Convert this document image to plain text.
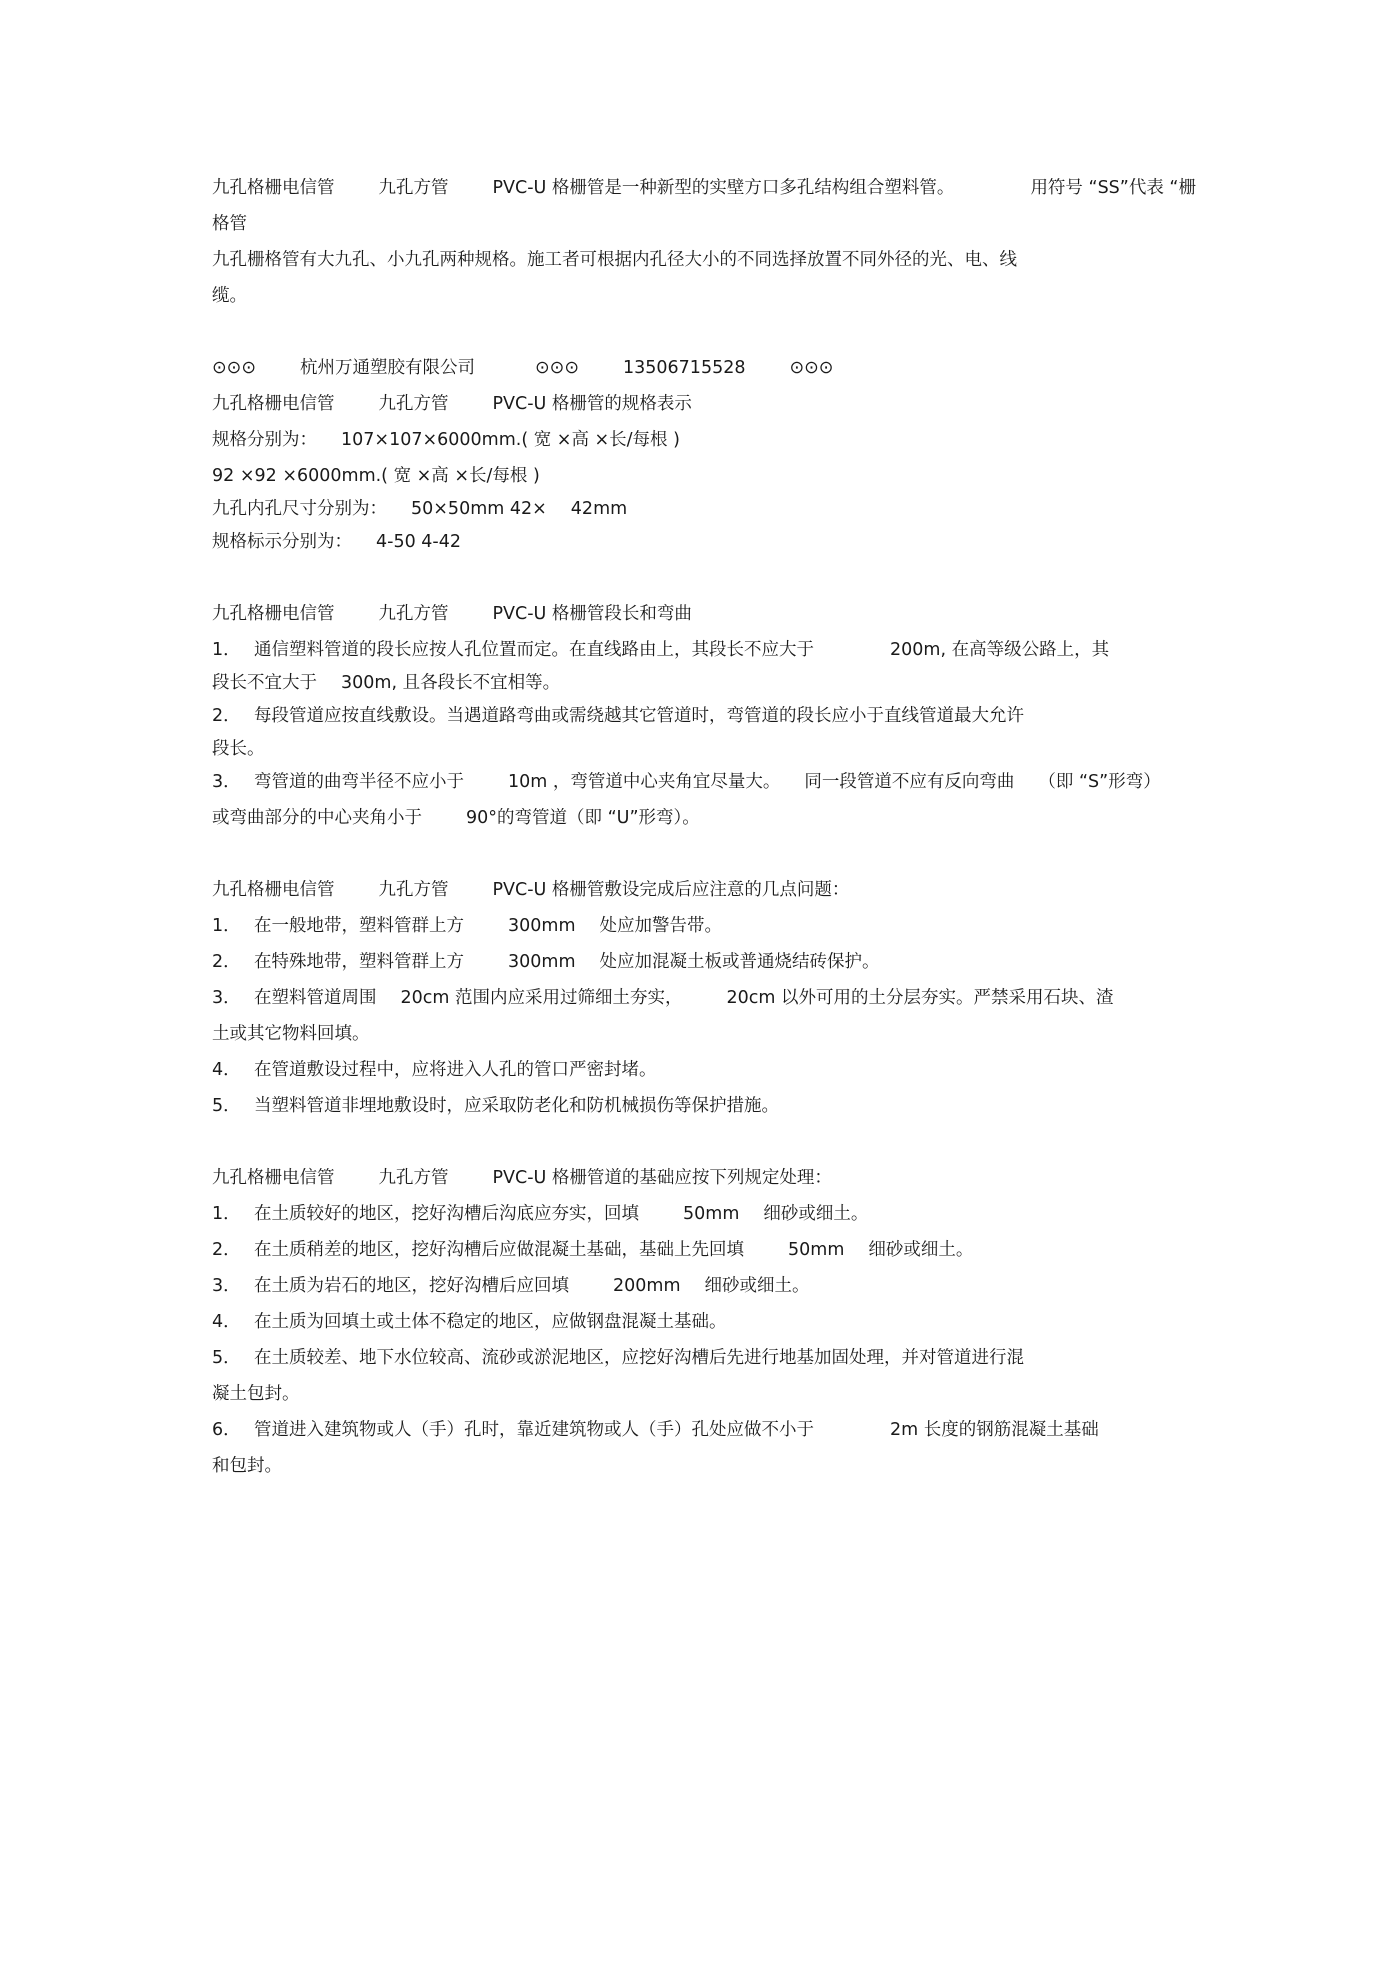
九孔格栅电信管	九孔方管	PVC-U 格栅管是一种新型的实壁方口多孔结构组合塑料管。	用符号 “SS”代表 “栅
格管
九孔栅格管有大九孔、小九孔两种规格。施工者可根据内孔径大小的不同选择放置不同外径的光、电、线
缆。
⊙⊙⊙	杭州万通塑胶有限公司	⊙⊙⊙	13506715528	⊙⊙⊙
九孔格栅电信管	九孔方管	PVC-U 格栅管的规格表示
规格分别为： 107×107×6000mm.( 宽 ×高 ×长/每根 )
92 ×92 ×6000mm.( 宽 ×高 ×长/每根 )
九孔内孔尺寸分别为： 50×50mm 42× 42mm
规格标示分别为： 4-50 4-42
九孔格栅电信管	九孔方管	PVC-U 格栅管段长和弯曲
1． 通信塑料管道的段长应按人孔位置而定。在直线路由上，其段长不应大于	200m, 在高等级公路上，其
段长不宜大于 300m, 且各段长不宜相等。
2． 每段管道应按直线敷设。当遇道路弯曲或需绕越其它管道时，弯管道的段长应小于直线管道最大允许
段长。
3． 弯管道的曲弯半径不应小于	10m ，弯管道中心夹角宜尽量大。 同一段管道不应有反向弯曲 （即 “S”形弯）
或弯曲部分的中心夹角小于	90°的弯管道（即 “U”形弯）。
九孔格栅电信管	九孔方管	PVC-U 格栅管敷设完成后应注意的几点问题：
1． 在一般地带，塑料管群上方	300mm 处应加警告带。
2． 在特殊地带，塑料管群上方	300mm 处应加混凝土板或普通烧结砖保护。
3． 在塑料管道周围 20cm 范围内应采用过筛细土夯实，	20cm 以外可用的土分层夯实。严禁采用石块、渣
土或其它物料回填。
4． 在管道敷设过程中，应将进入人孔的管口严密封堵。
5． 当塑料管道非埋地敷设时，应采取防老化和防机械损伤等保护措施。
九孔格栅电信管	九孔方管	PVC-U 格栅管道的基础应按下列规定处理：
1． 在土质较好的地区，挖好沟槽后沟底应夯实，回填	50mm 细砂或细土。
2． 在土质稍差的地区，挖好沟槽后应做混凝土基础，基础上先回填	50mm 细砂或细土。
3． 在土质为岩石的地区，挖好沟槽后应回填	200mm 细砂或细土。
4． 在土质为回填土或土体不稳定的地区，应做钢盘混凝土基础。
5． 在土质较差、地下水位较高、流砂或淤泥地区，应挖好沟槽后先进行地基加固处理，并对管道进行混
凝土包封。
6． 管道进入建筑物或人（手）孔时，靠近建筑物或人（手）孔处应做不小于	2m 长度的钢筋混凝土基础
和包封。
